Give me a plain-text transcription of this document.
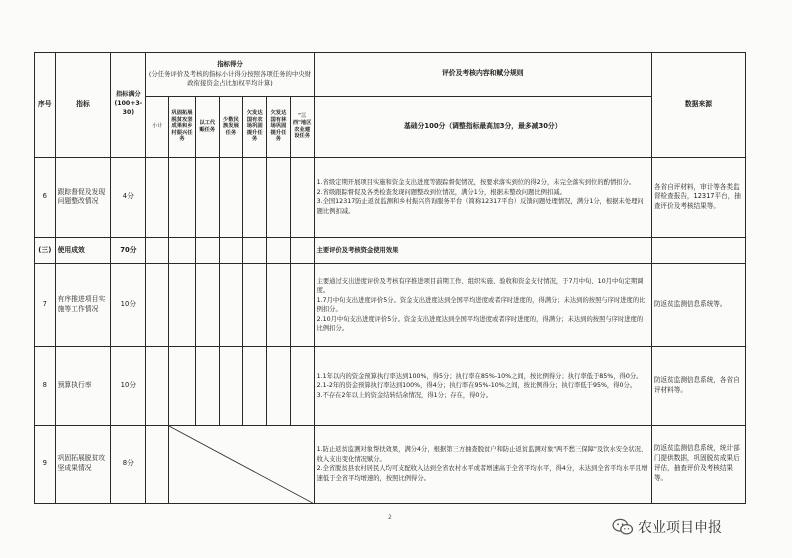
序号	指标	指标满分(100+3-30)	指标得分
(分任务评价及考核的指标小计得分按照各项任务的中央财政衔接资金占比加权平均计算)							评价及考核内容和赋分规则	数据来源
			小计	巩固拓展脱贫攻坚成果和乡村振兴任务	以工代赈任务	少数民族发展任务	欠发达国有农场巩固提升任务	欠发达国有林场巩固提升任务	"三西"地区农业建设任务	基础分100分（调整指标最高加3分，最多减30分）	
6	跟踪督促及发现问题整改情况	4分								1.省级定期开展项目实施和资金支出进度等跟踪督促情况，按要求落实到位的得2分，未完全落实到位的酌情扣分。

2.省级跟踪督促及各类检查发现问题整改到位情况，满分1分，根据未整改问题比例扣减。

3.全国12317防止返贫监测和乡村振兴咨询服务平台（简称12317平台）反馈问题处理情况，满分1分，根据未处理问题比例扣减。	各省自评材料，审计等各类监督检查报告，12317平台，抽查评价及考核结果等。
(三)	使用成效	70分								主要评价及考核资金使用效果	
7	有序推进项目实施等工作情况	10分								主要通过支出进度评价及考核有序推进项目前期工作、组织实施、验收和资金支付情况，于7月中旬、10月中旬定期调度。

1.7月中旬支出进度评价5分。资金支出进度达到全国平均进度或者序时进度的，得满分；未达到的按照与序时进度的比例扣分。

2.10月中旬支出进度评价5分。资金支出进度达到全国平均进度或者序时进度的，得满分；未达到的按照与序时进度的比例扣分。	防返贫监测信息系统等。
8	预算执行率	10分								1.1年以内的资金预算执行率达到100%，得5分；执行率在85%-10%之间，按比例得分；执行率低于85%，得0分。

2.1-2年的资金预算执行率达到100%，得4分；执行率在95%-10%之间，按比例得分；执行率低于95%，得0分。

3.不存在2年以上的资金结转结余情况，得1分；存在，得0分。	防返贫监测信息系统，各省自评材料等。
9	巩固拓展脱贫攻坚成果情况	8分								1.防止返贫监测对象帮扶效果，满分4分，根据第三方抽查脱贫户和防止返贫监测对象"两不愁三保障"及饮水安全状况、收入支出变化情况赋分。

2.全省脱贫县农村居民人均可支配收入达到全省农村水平或者增速高于全省平均水平，得4分，未达到全省平均水平且增速低于全省平均增速的，按照比例得分。	防返贫监测信息系统，统计部门提供数据，巩固脱贫成果后评估，抽查评价及考核结果等。
2
农业项目申报
